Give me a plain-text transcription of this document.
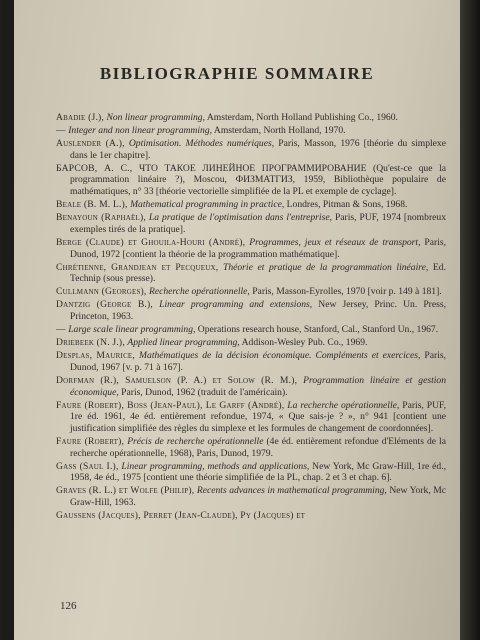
BIBLIOGRAPHIE SOMMAIRE

Abadie (J.), Non linear programming, Amsterdam, North Holland Publishing Co., 1960.

— Integer and non linear programming, Amsterdam, North Holland, 1970.

Auslender (A.), Optimisation. Méthodes numériques, Paris, Masson, 1976 [théorie du simplexe dans le 1er chapitre].

БАРСОВ, А. С., ЧТО ТАКОЕ ЛИНЕЙНОЕ ПРОГРАММИРОВАНИЕ (Qu'est-ce que la programmation linéaire ?), Moscou, ФИЗМАТГИЗ, 1959, Bibliothèque populaire de mathématiques, n° 33 [théorie vectorielle simplifiée de la PL et exemple de cyclage].

Beale (B. M. L.), Mathematical programming in practice, Londres, Pitman & Sons, 1968.

Benayoun (Raphaël), La pratique de l'optimisation dans l'entreprise, Paris, PUF, 1974 [nombreux exemples tirés de la pratique].

Berge (Claude) et Ghouila-Houri (André), Programmes, jeux et réseaux de transport, Paris, Dunod, 1972 [contient la théorie de la programmation mathématique].

Chrétienne, Grandjean et Pecqueux, Théorie et pratique de la programmation linéaire, Ed. Technip (sous presse).

Cullmann (Georges), Recherche opérationnelle, Paris, Masson-Eyrolles, 1970 [voir p. 149 à 181].

Dantzig (George B.), Linear programming and extensions, New Jersey, Princ. Un. Press, Princeton, 1963.

— Large scale linear programming, Operations research house, Stanford, Cal., Stanford Un., 1967.

Driebeek (N. J.), Applied linear programming, Addison-Wesley Pub. Co., 1969.

Desplas, Maurice, Mathématiques de la décision économique. Compléments et exercices, Paris, Dunod, 1967 [v. p. 71 à 167].

Dorfman (R.), Samuelson (P. A.) et Solow (R. M.), Programmation linéaire et gestion économique, Paris, Dunod, 1962 (traduit de l'américain).

Faure (Robert), Boss (Jean-Paul), Le Garff (André), La recherche opérationnelle, Paris, PUF, 1re éd. 1961, 4e éd. entièrement refondue, 1974, « Que sais-je ? », n° 941 [contient une justification simplifiée des règles du simplexe et les formules de changement de coordonnées].

Faure (Robert), Précis de recherche opérationnelle (4e éd. entièrement refondue d'Eléments de la recherche opérationnelle, 1968), Paris, Dunod, 1979.

Gass (Saul I.), Linear programming, methods and applications, New York, Mc Graw-Hill, 1re éd., 1958, 4e éd., 1975 [contient une théorie simplifiée de la PL, chap. 2 et 3 et chap. 6].

Graves (R. L.) et Wolfe (Philip), Recents advances in mathematical programming, New York, Mc Graw-Hill, 1963.

Gaussens (Jacques), Perret (Jean-Claude), Py (Jacques) et

126
